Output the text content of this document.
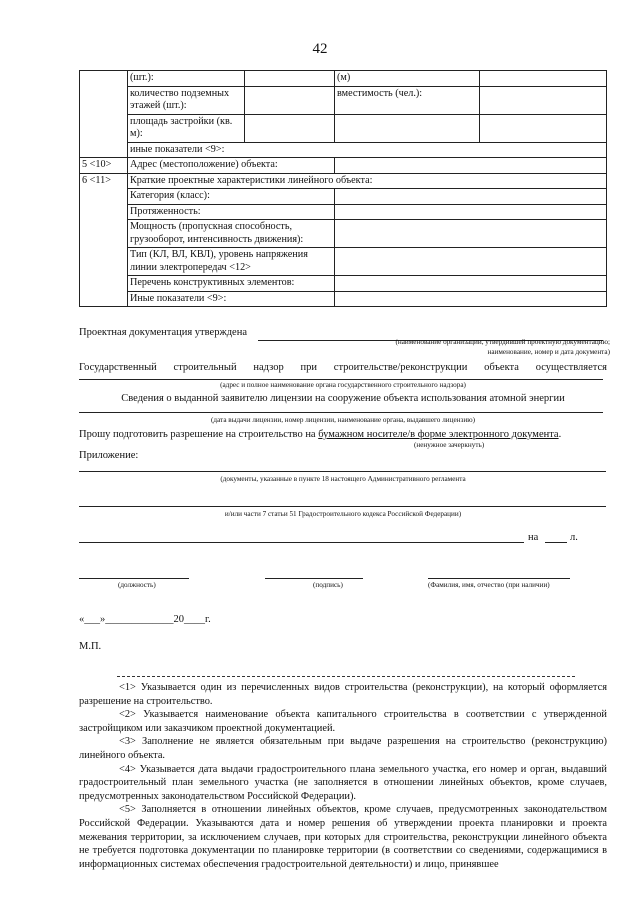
42
	(шт.):		(м)	
	количество подземных этажей (шт.):		вместимость (чел.):	
	площадь застройки (кв. м):			
	иные показатели <9>:			
5 <10>	Адрес (местоположение) объекта:			
6 <11>	Краткие проектные характеристики линейного объекта:			
	Категория (класс):			
	Протяженность:			
	Мощность (пропускная способность, грузооборот, интенсивность движения):			
	Тип (КЛ, ВЛ, КВЛ), уровень напряжения линии электропередач <12>			
	Перечень конструктивных элементов:			
	Иные показатели <9>:			
Проектная документация утверждена
(наименование организации, утвердившей проектную документацию;
наименование, номер и дата документа)
Государственный строительный надзор при строительстве/реконструкции объекта осуществляется
(адрес и полное наименование органа государственного строительного надзора)
Сведения о выданной заявителю лицензии на сооружение объекта использования атомной энергии
(дата выдачи лицензии, номер лицензии, наименование органа, выдавшего лицензию)
Прошу подготовить разрешение на строительство на бумажном носителе/в форме электронного документа.
(ненужное зачеркнуть)
Приложение:
(документы, указанные в пункте 18 настоящего Административного регламента
и/или части 7 статьи 51 Градостроительного кодекса Российской Федерации)
на	л.
(должность)	(подпись)	(Фамилия, имя, отчество (при наличии)
«___»_____________20____г.
М.П.

<1> Указывается один из перечисленных видов строительства (реконструкции), на который оформляется разрешение на строительство.

<2> Указывается наименование объекта капитального строительства в соответствии с утвержденной застройщиком или заказчиком проектной документацией.

<3> Заполнение не является обязательным при выдаче разрешения на строительство (реконструкцию) линейного объекта.

<4> Указывается дата выдачи градостроительного плана земельного участка, его номер и орган, выдавший градостроительный план земельного участка (не заполняется в отношении линейных объектов, кроме случаев, предусмотренных законодательством Российской Федерации).

<5> Заполняется в отношении линейных объектов, кроме случаев, предусмотренных законодательством Российской Федерации. Указываются дата и номер решения об утверждении проекта планировки и проекта межевания территории, за исключением случаев, при которых для строительства, реконструкции линейного объекта не требуется подготовка документации по планировке территории (в соответствии со сведениями, содержащимися в информационных системах обеспечения градостроительной деятельности) и лицо, принявшее
